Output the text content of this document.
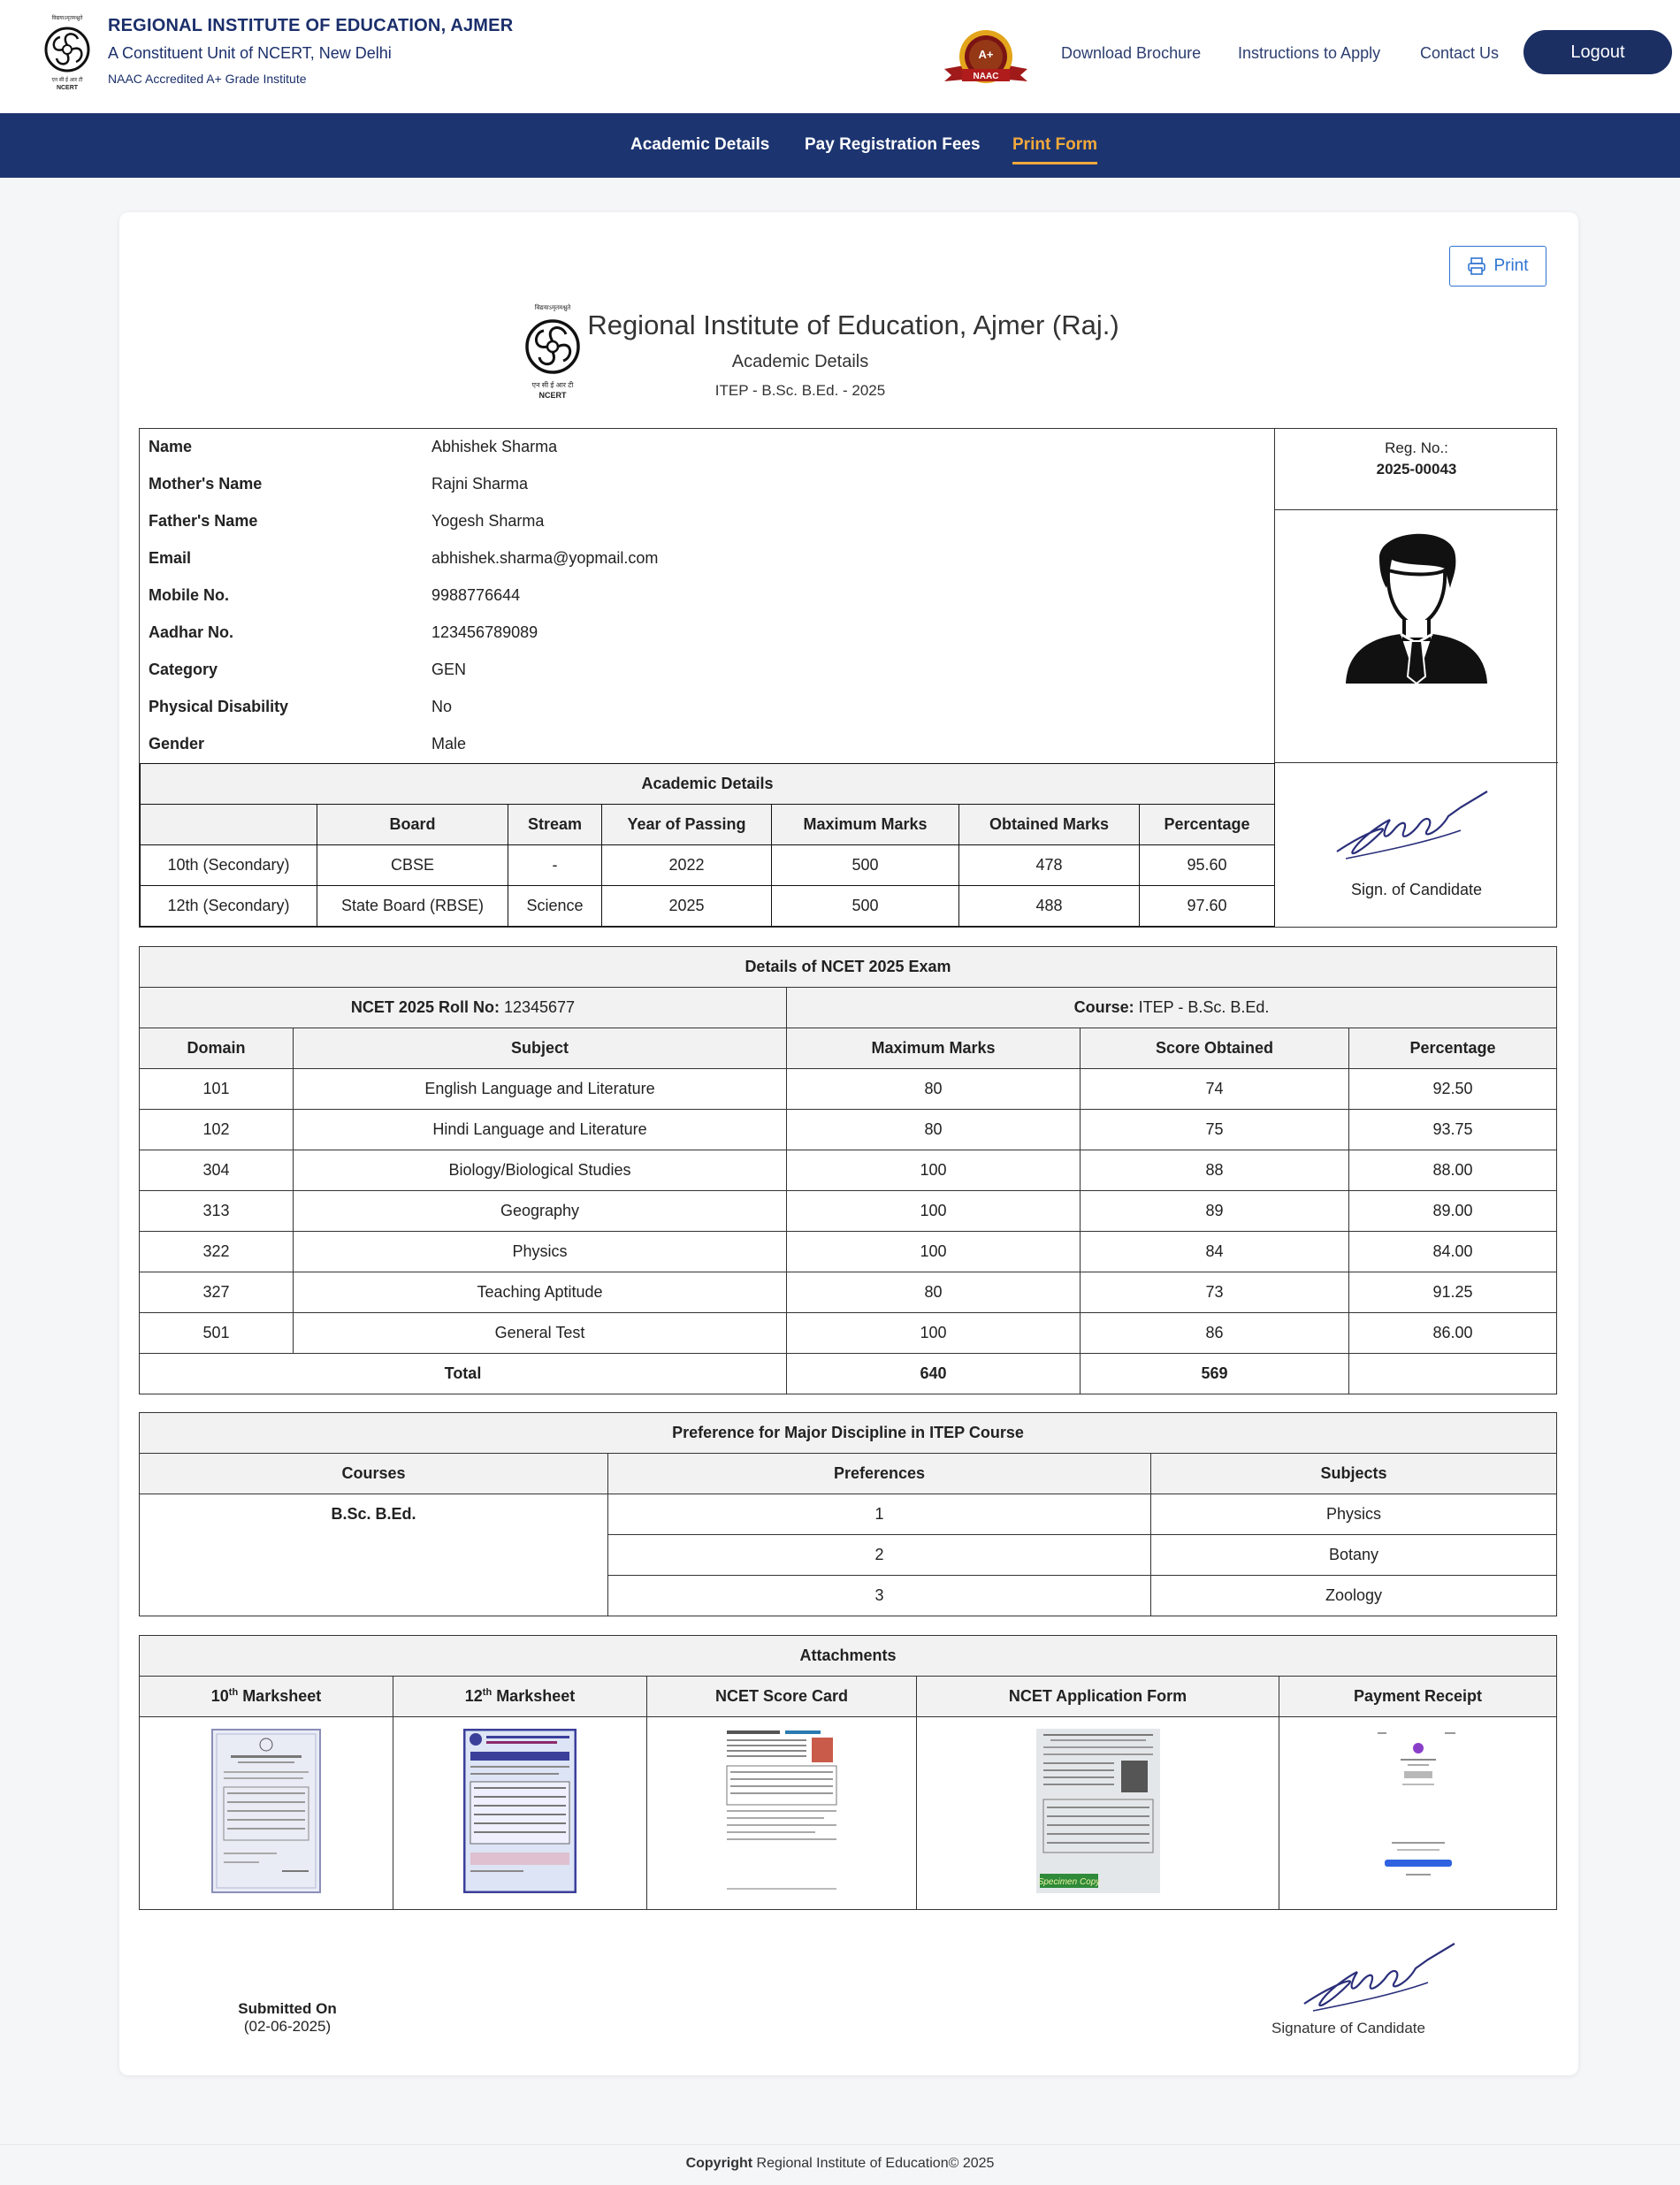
विद्ययाऽमृतमश्नुते
एन सी ई आर टी
NCERT
REGIONAL INSTITUTE OF EDUCATION, AJMER
A Constituent Unit of NCERT, New Delhi
NAAC Accredited A+ Grade Institute
A+
NAAC
Download Brochure Instructions to Apply Contact Us	Logout
Academic Details Pay Registration Fees Print Form
Print
विद्ययाऽमृतमश्नुते
एन सी ई आर टी
NCERT
Regional Institute of Education, Ajmer (Raj.)
Academic Details
ITEP - B.Sc. B.Ed. - 2025
Name	Abhishek Sharma
Mother's Name	Rajni Sharma
Father's Name	Yogesh Sharma
Email	abhishek.sharma@yopmail.com
Mobile No.	9988776644
Aadhar No.	123456789089
Category	GEN
Physical Disability	No
Gender	Male
Reg. No.:
2025-00043
Sign. of Candidate
Academic Details						
	Board	Stream	Year of Passing	Maximum Marks	Obtained Marks	Percentage
10th (Secondary)	CBSE	-	2022	500	478	95.60
12th (Secondary)	State Board (RBSE)	Science	2025	500	488	97.60
Details of NCET 2025 Exam				
NCET 2025 Roll No: 12345677		Course: ITEP - B.Sc. B.Ed.		
Domain	Subject	Maximum Marks	Score Obtained	Percentage
101	English Language and Literature	80	74	92.50
102	Hindi Language and Literature	80	75	93.75
304	Biology/Biological Studies	100	88	88.00
313	Geography	100	89	89.00
322	Physics	100	84	84.00
327	Teaching Aptitude	80	73	91.25
501	General Test	100	86	86.00
Total		640	569	
Preference for Major Discipline in ITEP Course		
Courses	Preferences	Subjects
B.Sc. B.Ed.	1	Physics
	2	Botany
	3	Zoology
Attachments				
10th Marksheet	12th Marksheet	NCET Score Card	NCET Application Form	Payment Receipt

Specimen Copy

Submitted On
(02-06-2025)	Signature of Candidate
Copyright Regional Institute of Education© 2025
